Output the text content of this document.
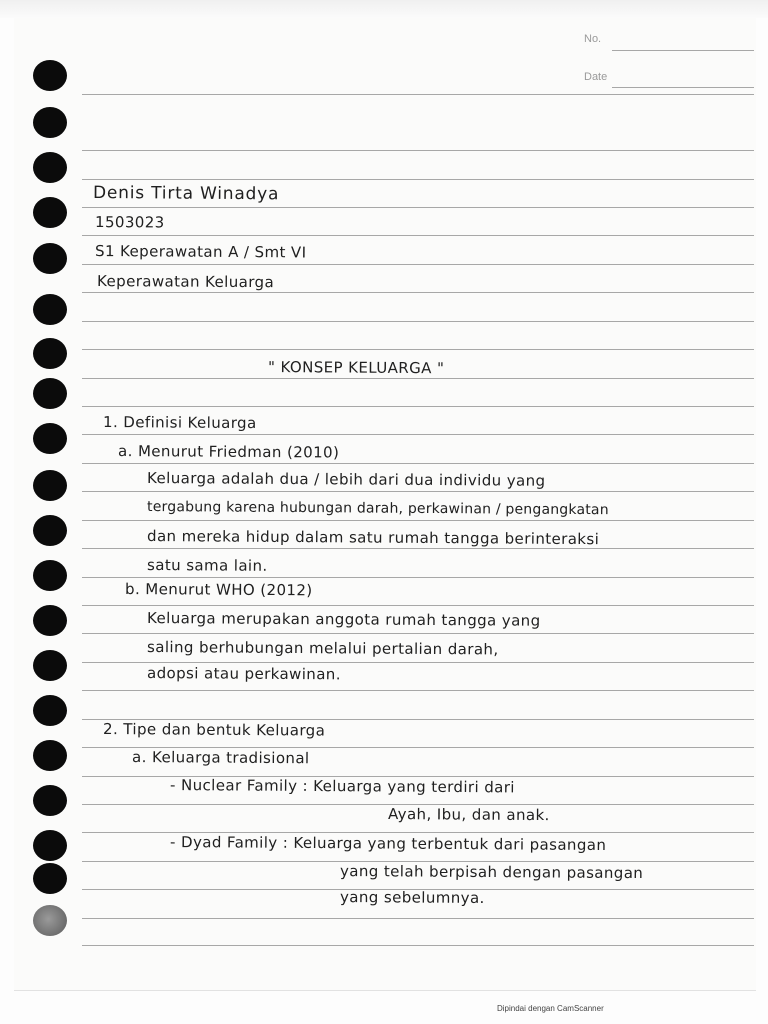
No.
Date
Denis Tirta Winadya
1503023
S1 Keperawatan A / Smt VI
Keperawatan Keluarga
" KONSEP KELUARGA "
1. Definisi Keluarga
a. Menurut Friedman (2010)
Keluarga adalah dua / lebih dari dua individu yang
tergabung karena hubungan darah, perkawinan / pengangkatan
dan mereka hidup dalam satu rumah tangga berinteraksi
satu sama lain.
b. Menurut WHO (2012)
Keluarga merupakan anggota rumah tangga yang
saling berhubungan melalui pertalian darah,
adopsi atau perkawinan.
2. Tipe dan bentuk Keluarga
a. Keluarga tradisional
- Nuclear Family : Keluarga yang terdiri dari
Ayah, Ibu, dan anak.
- Dyad Family : Keluarga yang terbentuk dari pasangan
yang telah berpisah dengan pasangan
yang sebelumnya.
Dipindai dengan CamScanner
